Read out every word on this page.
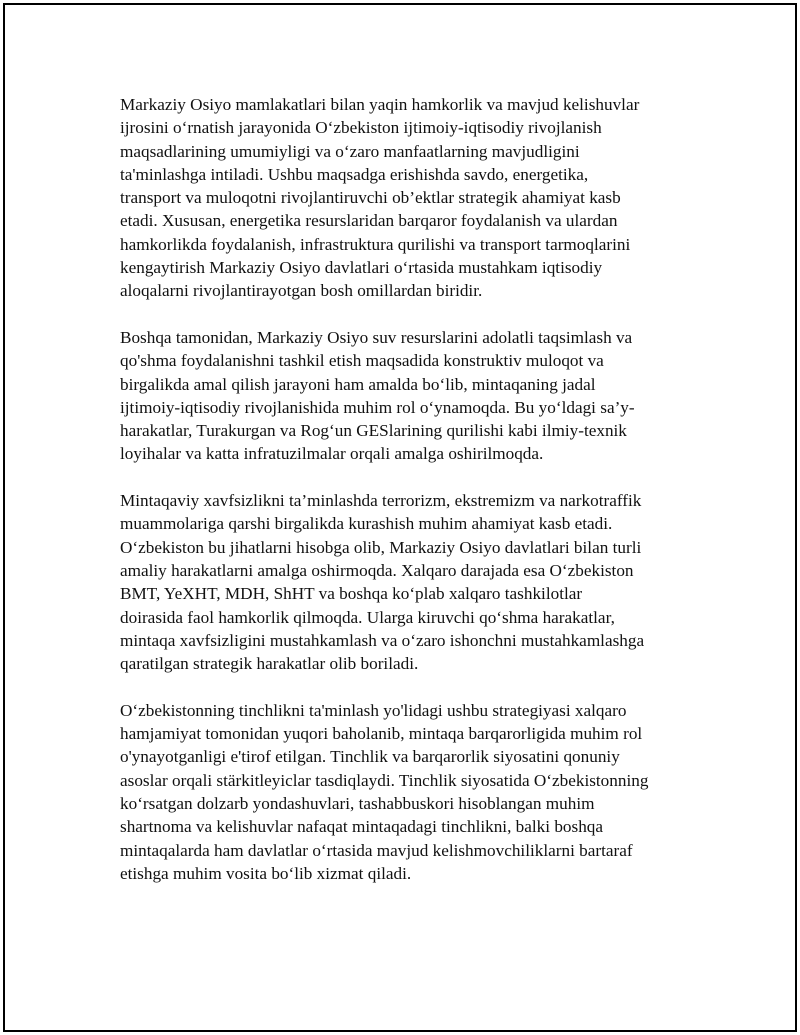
Markaziy Osiyo mamlakatlari bilan yaqin hamkorlik va mavjud kelishuvlar
ijrosini o‘rnatish jarayonida O‘zbekiston ijtimoiy-iqtisodiy rivojlanish
maqsadlarining umumiyligi va o‘zaro manfaatlarning mavjudligini
ta'minlashga intiladi. Ushbu maqsadga erishishda savdo, energetika,
transport va muloqotni rivojlantiruvchi ob’ektlar strategik ahamiyat kasb
etadi. Xususan, energetika resurslaridan barqaror foydalanish va ulardan
hamkorlikda foydalanish, infrastruktura qurilishi va transport tarmoqlarini
kengaytirish Markaziy Osiyo davlatlari o‘rtasida mustahkam iqtisodiy
aloqalarni rivojlantirayotgan bosh omillardan biridir.
Boshqa tamonidan, Markaziy Osiyo suv resurslarini adolatli taqsimlash va
qo'shma foydalanishni tashkil etish maqsadida konstruktiv muloqot va
birgalikda amal qilish jarayoni ham amalda bo‘lib, mintaqaning jadal
ijtimoiy-iqtisodiy rivojlanishida muhim rol o‘ynamoqda. Bu yo‘ldagi sa’y-
harakatlar, Turakurgan va Rog‘un GESlarining qurilishi kabi ilmiy-texnik
loyihalar va katta infratuzilmalar orqali amalga oshirilmoqda.
Mintaqaviy xavfsizlikni ta’minlashda terrorizm, ekstremizm va narkotraffik
muammolariga qarshi birgalikda kurashish muhim ahamiyat kasb etadi.
O‘zbekiston bu jihatlarni hisobga olib, Markaziy Osiyo davlatlari bilan turli
amaliy harakatlarni amalga oshirmoqda. Xalqaro darajada esa O‘zbekiston
BMT, YeXHT, MDH, ShHT va boshqa ko‘plab xalqaro tashkilotlar
doirasida faol hamkorlik qilmoqda. Ularga kiruvchi qo‘shma harakatlar,
mintaqa xavfsizligini mustahkamlash va o‘zaro ishonchni mustahkamlashga
qaratilgan strategik harakatlar olib boriladi.
O‘zbekistonning tinchlikni ta'minlash yo'lidagi ushbu strategiyasi xalqaro
hamjamiyat tomonidan yuqori baholanib, mintaqa barqarorligida muhim rol
o'ynayotganligi e'tirof etilgan. Tinchlik va barqarorlik siyosatini qonuniy
asoslar orqali stärkitleyiclar tasdiqlaydi. Tinchlik siyosatida O‘zbekistonning
ko‘rsatgan dolzarb yondashuvlari, tashabbuskori hisoblangan muhim
shartnoma va kelishuvlar nafaqat mintaqadagi tinchlikni, balki boshqa
mintaqalarda ham davlatlar o‘rtasida mavjud kelishmovchiliklarni bartaraf
etishga muhim vosita bo‘lib xizmat qiladi.
